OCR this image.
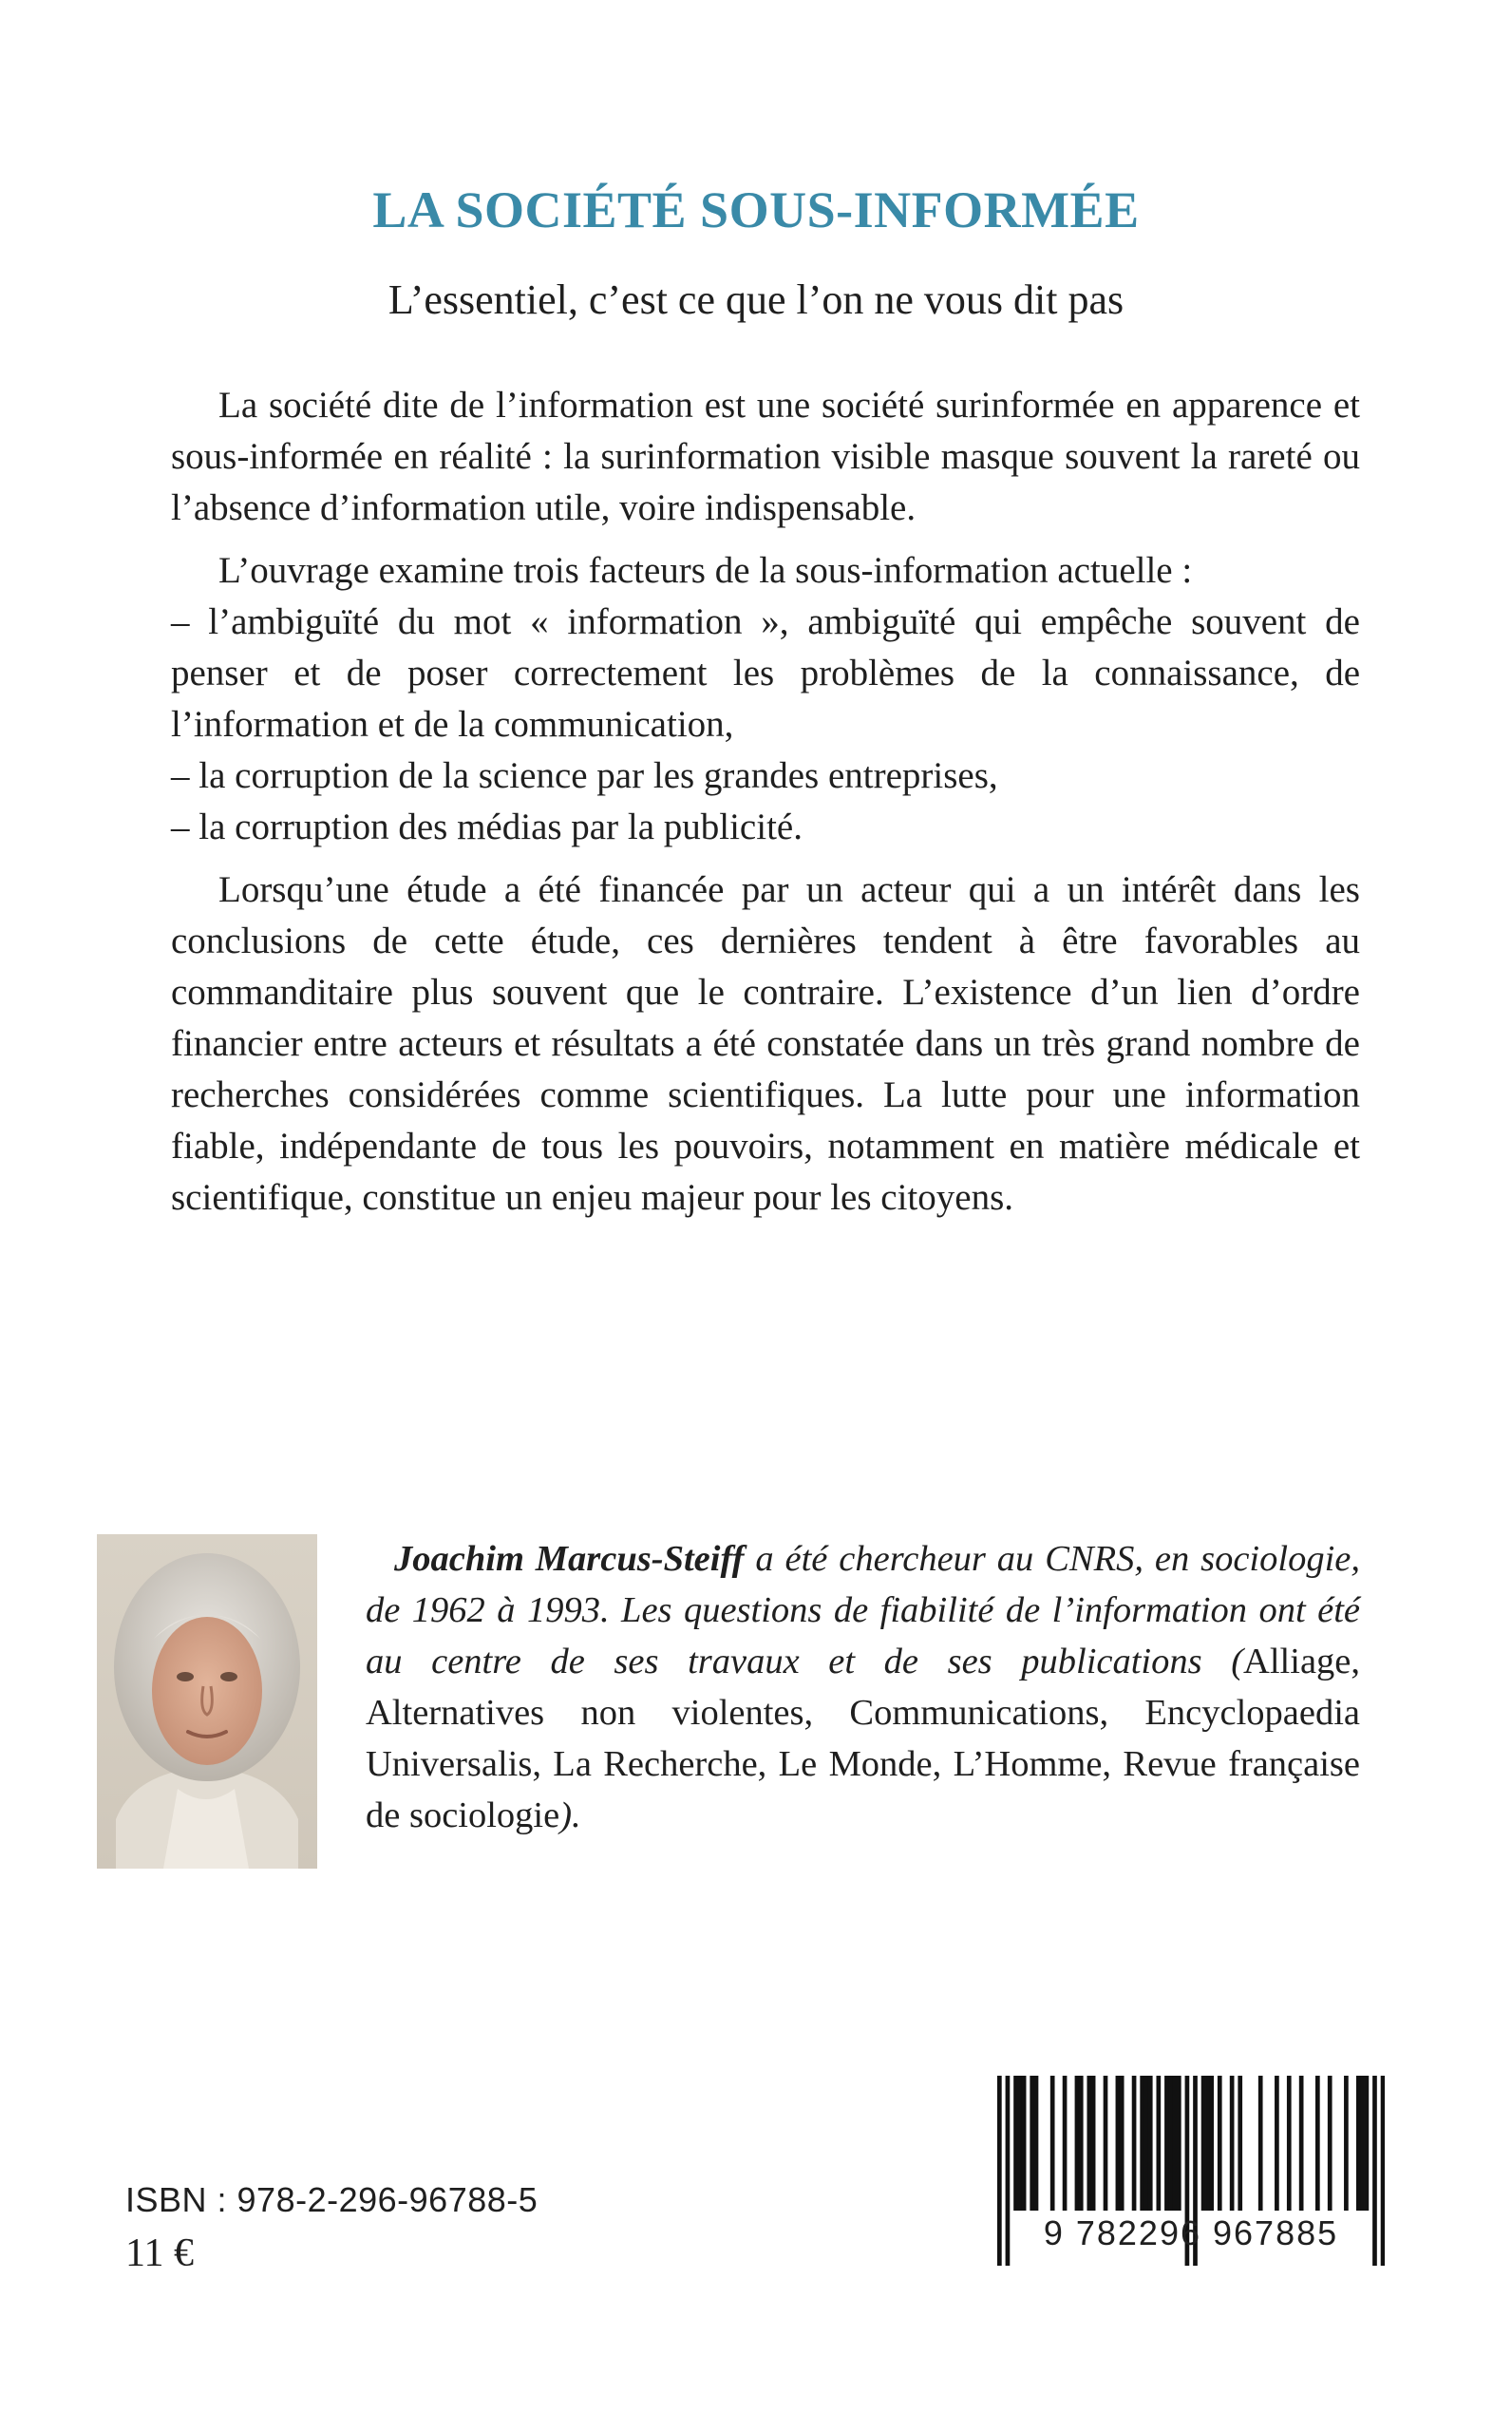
LA SOCIÉTÉ SOUS-INFORMÉE
L’essentiel, c’est ce que l’on ne vous dit pas

La société dite de l’information est une société surinformée en apparence et sous-informée en réalité : la surinformation visible masque souvent la rareté ou l’absence d’information utile, voire indispensable.

L’ouvrage examine trois facteurs de la sous-information actuelle :

– l’ambiguïté du mot « information », ambiguïté qui empêche souvent de penser et de poser correctement les problèmes de la connaissance, de l’information et de la communication,

– la corruption de la science par les grandes entreprises,

– la corruption des médias par la publicité.

Lorsqu’une étude a été financée par un acteur qui a un intérêt dans les conclusions de cette étude, ces dernières tendent à être favorables au commanditaire plus souvent que le contraire. L’existence d’un lien d’ordre financier entre acteurs et résultats a été constatée dans un très grand nombre de recherches considérées comme scientifiques. La lutte pour une information fiable, indépendante de tous les pouvoirs, notamment en matière médicale et scientifique, constitue un enjeu majeur pour les citoyens.

Joachim Marcus-Steiff a été chercheur au CNRS, en sociologie, de 1962 à 1993. Les questions de fiabilité de l’information ont été au centre de ses travaux et de ses publications (Alliage, Alternatives non violentes, Communications, Encyclopaedia Universalis, La Recherche, Le Monde, L’Homme, Revue française de sociologie).
ISBN : 978-2-296-96788-5
11 €	9 782296 967885
